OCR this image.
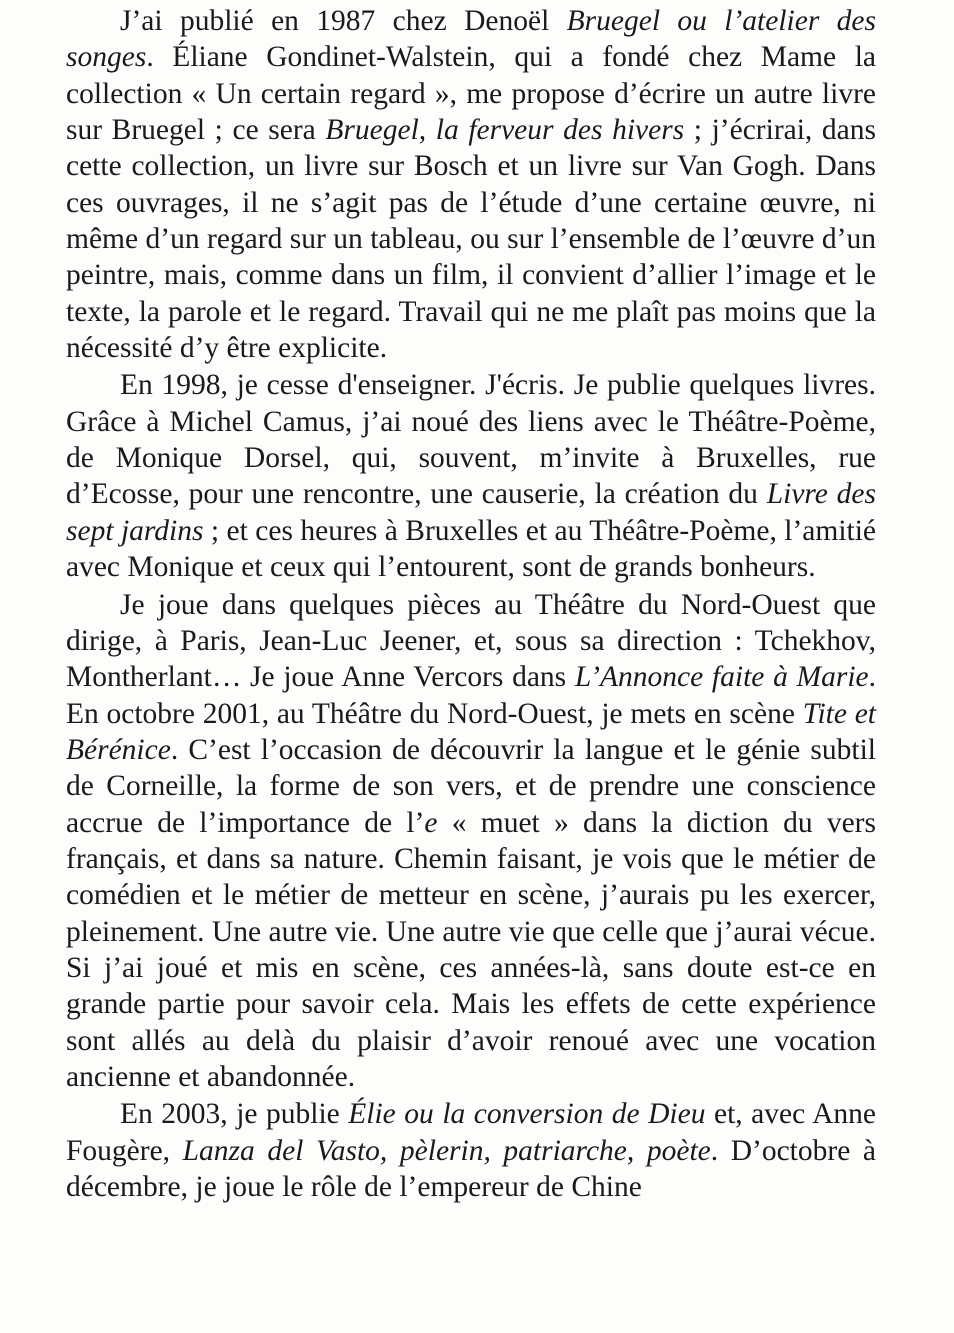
J’ai publié en 1987 chez Denoël Bruegel ou l’atelier des songes. Éliane Gondinet-Walstein, qui a fondé chez Mame la collection « Un certain regard », me propose d’écrire un autre livre sur Bruegel ; ce sera Bruegel, la ferveur des hivers ; j’écrirai, dans cette collection, un livre sur Bosch et un livre sur Van Gogh. Dans ces ouvrages, il ne s’agit pas de l’étude d’une certaine œuvre, ni même d’un regard sur un tableau, ou sur l’ensemble de l’œuvre d’un peintre, mais, comme dans un film, il convient d’allier l’image et le texte, la parole et le regard. Travail qui ne me plaît pas moins que la nécessité d’y être explicite.

En 1998, je cesse d'enseigner. J'écris. Je publie quelques livres. Grâce à Michel Camus, j’ai noué des liens avec le Théâtre-Poème, de Monique Dorsel, qui, souvent, m’invite à Bruxelles, rue d’Ecosse, pour une rencontre, une causerie, la création du Livre des sept jardins ; et ces heures à Bruxelles et au Théâtre-Poème, l’amitié avec Monique et ceux qui l’entourent, sont de grands bonheurs.

Je joue dans quelques pièces au Théâtre du Nord-Ouest que dirige, à Paris, Jean-Luc Jeener, et, sous sa direction : Tchekhov, Montherlant… Je joue Anne Vercors dans L’Annonce faite à Marie. En octobre 2001, au Théâtre du Nord-Ouest, je mets en scène Tite et Bérénice. C’est l’occasion de découvrir la langue et le génie subtil de Corneille, la forme de son vers, et de prendre une conscience accrue de l’importance de l’e « muet » dans la diction du vers français, et dans sa nature. Chemin faisant, je vois que le métier de comédien et le métier de metteur en scène, j’aurais pu les exercer, pleinement. Une autre vie. Une autre vie que celle que j’aurai vécue. Si j’ai joué et mis en scène, ces années-là, sans doute est-ce en grande partie pour savoir cela. Mais les effets de cette expérience sont allés au delà du plaisir d’avoir renoué avec une vocation ancienne et abandonnée.

En 2003, je publie Élie ou la conversion de Dieu et, avec Anne Fougère, Lanza del Vasto, pèlerin, patriarche, poète. D’octobre à décembre, je joue le rôle de l’empereur de Chine
